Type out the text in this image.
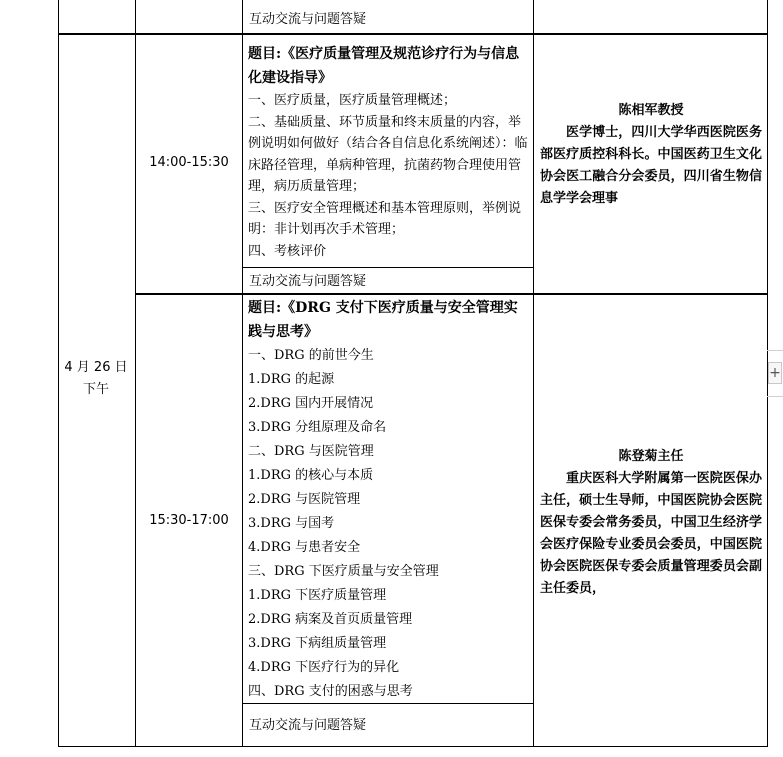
互动交流与问题答疑
4 月 26 日
下午
14:00-15:30
题目:《医疗质量管理及规范诊疗行为与信息化建设指导》
一、医疗质量，医疗质量管理概述；
二、基础质量、环节质量和终末质量的内容，举例说明如何做好（结合各自信息化系统阐述）：临床路径管理，单病种管理，抗菌药物合理使用管理，病历质量管理；
三、医疗安全管理概述和基本管理原则，举例说明：非计划再次手术管理；
四、考核评价
互动交流与问题答疑
陈相军教授
医学博士，四川大学华西医院医务部医疗质控科科长。中国医药卫生文化协会医工融合分会委员，四川省生物信息学学会理事
15:30-17:00
题目:《DRG 支付下医疗质量与安全管理实践与思考》
一、DRG 的前世今生
1.DRG 的起源
2.DRG 国内开展情况
3.DRG 分组原理及命名
二、DRG 与医院管理
1.DRG 的核心与本质
2.DRG 与医院管理
3.DRG 与国考
4.DRG 与患者安全
三、DRG 下医疗质量与安全管理
1.DRG 下医疗质量管理
2.DRG 病案及首页质量管理
3.DRG 下病组质量管理
4.DRG 下医疗行为的异化
四、DRG 支付的困惑与思考
互动交流与问题答疑
陈登菊主任
重庆医科大学附属第一医院医保办主任，硕士生导师，中国医院协会医院医保专委会常务委员，中国卫生经济学会医疗保险专业委员会委员，中国医院协会医院医保专委会质量管理委员会副主任委员，
+
